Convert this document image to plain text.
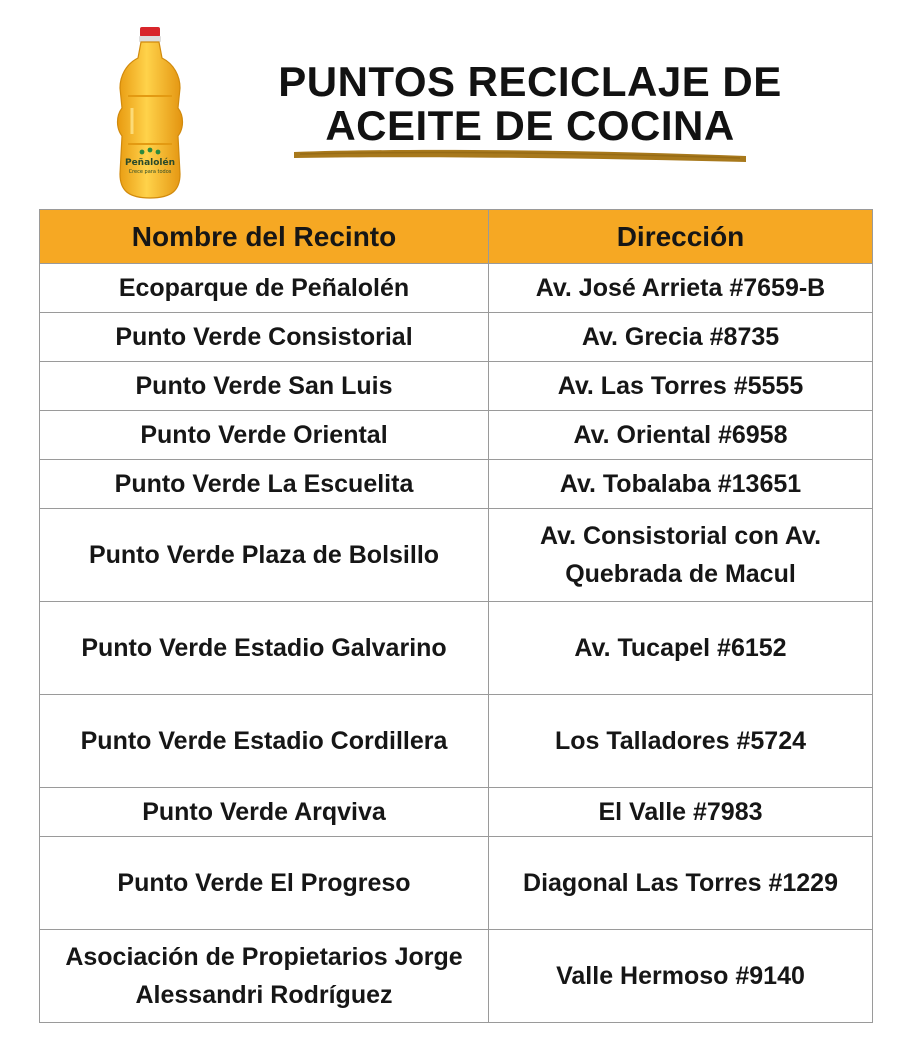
Peñalolén
Crece para todos
PUNTOS RECICLAJE DE
ACEITE DE COCINA
Nombre del Recinto	Dirección
Ecoparque de Peñalolén	Av. José Arrieta #7659-B
Punto Verde Consistorial	Av. Grecia #8735
Punto Verde San Luis	Av. Las Torres #5555
Punto Verde Oriental	Av. Oriental #6958
Punto Verde La Escuelita	Av. Tobalaba #13651
Punto Verde Plaza de Bolsillo	Av. Consistorial con Av. Quebrada de Macul
Punto Verde Estadio Galvarino	Av. Tucapel #6152
Punto Verde Estadio Cordillera	Los Talladores #5724
Punto Verde Arqviva	El Valle #7983
Punto Verde El Progreso	Diagonal Las Torres #1229
Asociación de Propietarios Jorge Alessandri Rodríguez	Valle Hermoso #9140
